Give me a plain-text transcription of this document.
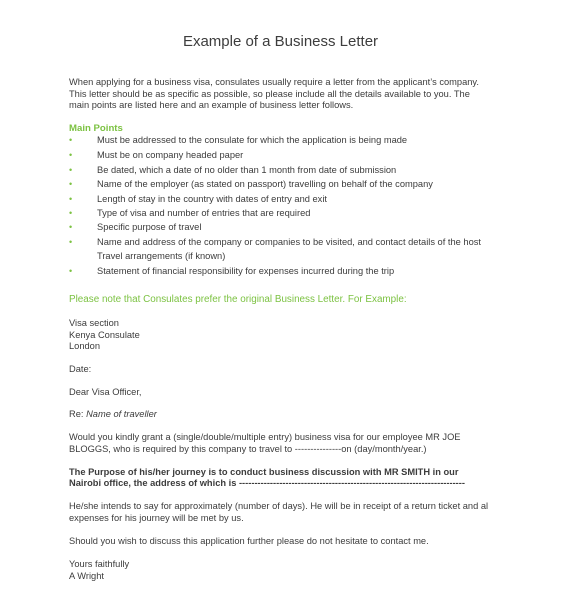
Example of a Business Letter
When applying for a business visa, consulates usually require a letter from the applicant’s company.
This letter should be as specific as possible, so please include all the details available to you. The
main points are listed here and an example of business letter follows.
Main Points
•	Must be addressed to the consulate for which the application is being made
•	Must be on company headed paper
•	Be dated, which a date of no older than 1 month from date of submission
•	Name of the employer (as stated on passport) travelling on behalf of the company
•	Length of stay in the country with dates of entry and exit
•	Type of visa and number of entries that are required
•	Specific purpose of travel
•	Name and address of the company or companies to be visited, and contact details of the host
Travel arrangements (if known)
•	Statement of financial responsibility for expenses incurred during the trip
Please note that Consulates prefer the original Business Letter. For Example:
Visa section
Kenya Consulate
London
Date:
Dear Visa Officer,
Re: Name of traveller
Would you kindly grant a (single/double/multiple entry) business visa for our employee MR JOE
BLOGGS, who is required by this company to travel to ---------------on (day/month/year.)
The Purpose of his/her journey is to conduct business discussion with MR SMITH in our
Nairobi office, the address of which is -------------------------------------------------------------------------
He/she intends to say for approximately (number of days). He will be in receipt of a return ticket and al
expenses for his journey will be met by us.
Should you wish to discuss this application further please do not hesitate to contact me.
Yours faithfully
A Wright
